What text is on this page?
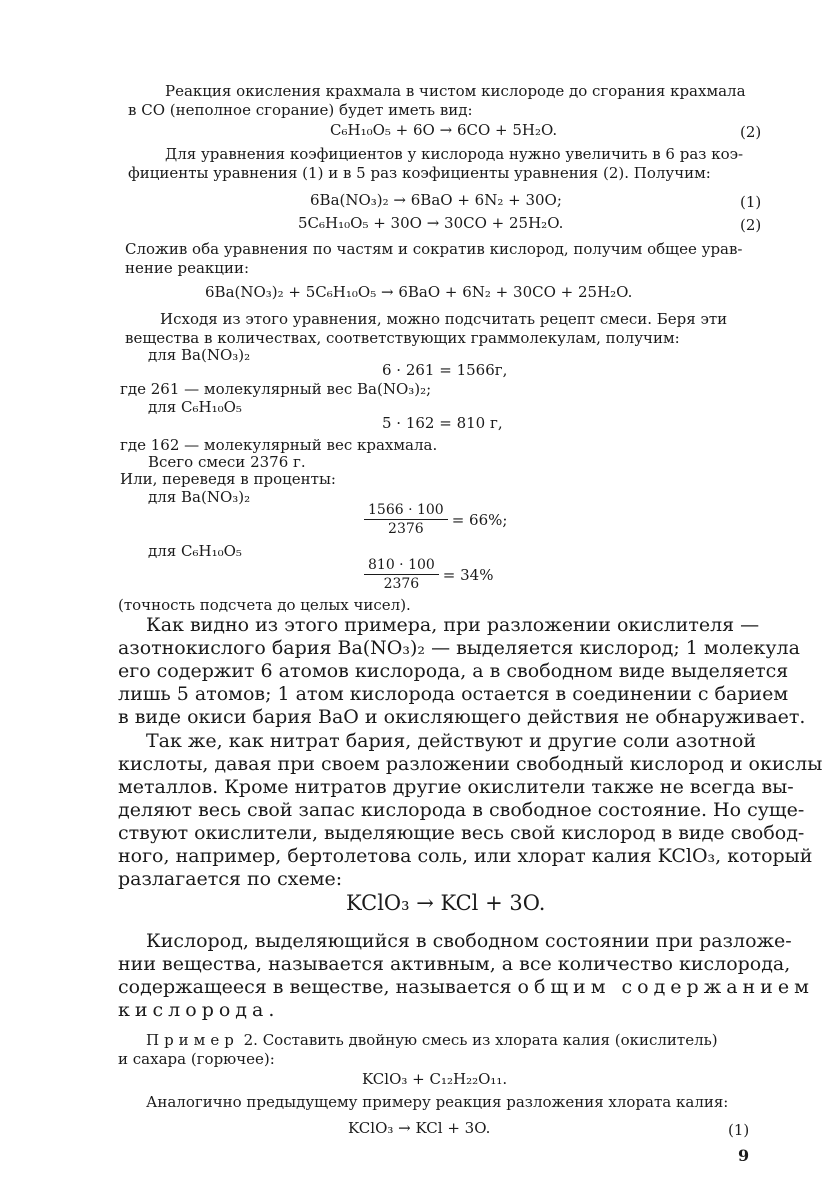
Реакция окисления крахмала в чистом кислороде до сгорания крахмала
в СО (неполное сгорание) будет иметь вид:
C₆H₁₀O₅ + 6O → 6CO + 5H₂O.	(2)
Для уравнения коэфициентов у кислорода нужно увеличить в 6 раз коэ-
фициенты уравнения (1) и в 5 раз коэфициенты уравнения (2). Получим:
6Ba(NO₃)₂ → 6BaO + 6N₂ + 30O;	(1)
5C₆H₁₀O₅ + 30O → 30CO + 25H₂O.	(2)
Сложив оба уравнения по частям и сократив кислород, получим общее урав-
нение реакции:
6Ba(NO₃)₂ + 5C₆H₁₀O₅ → 6BaO + 6N₂ + 30CO + 25H₂O.
Исходя из этого уравнения, можно подсчитать рецепт смеси. Беря эти
вещества в количествах, соответствующих граммолекулам, получим:
для Ba(NO₃)₂
6 · 261 = 1566г,
где 261 — молекулярный вес Ba(NO₃)₂;
для C₆H₁₀O₅
5 · 162 = 810 г,
где 162 — молекулярный вес крахмала.
Всего смеси 2376 г.
Или, переведя в проценты:
для Ba(NO₃)₂
$\frac{1566 \cdot 100}{2376} = 66\%$;
для C₆H₁₀O₅
$\frac{810 \cdot 100}{2376} = 34\%$
(точность подсчета до целых чисел).
Как видно из этого примера, при разложении окислителя —
азотнокислого бария Ba(NO₃)₂ — выделяется кислород; 1 молекула
его содержит 6 атомов кислорода, а в свободном виде выделяется
лишь 5 атомов; 1 атом кислорода остается в соединении с барием
в виде окиси бария BaO и окисляющего действия не обнаруживает.
Так же, как нитрат бария, действуют и другие соли азотной
кислоты, давая при своем разложении свободный кислород и окислы
металлов. Кроме нитратов другие окислители также не всегда вы-
деляют весь свой запас кислорода в свободное состояние. Но суще-
ствуют окислители, выделяющие весь свой кислород в виде свобод-
ного, например, бертолетова соль, или хлорат калия KClO₃, который
разлагается по схеме:
KClO₃ → KCl + 3O.
Кислород, выделяющийся в свободном состоянии при разложе-
нии вещества, называется активным, а все количество кислорода,
содержащееся в веществе, называется общим содержанием
кислорода.
Пример 2. Составить двойную смесь из хлората калия (окислитель)
и сахара (горючее):
KClO₃ + C₁₂H₂₂O₁₁.
Аналогично предыдущему примеру реакция разложения хлората калия:
KClO₃ → KCl + 3O.	(1)
9
